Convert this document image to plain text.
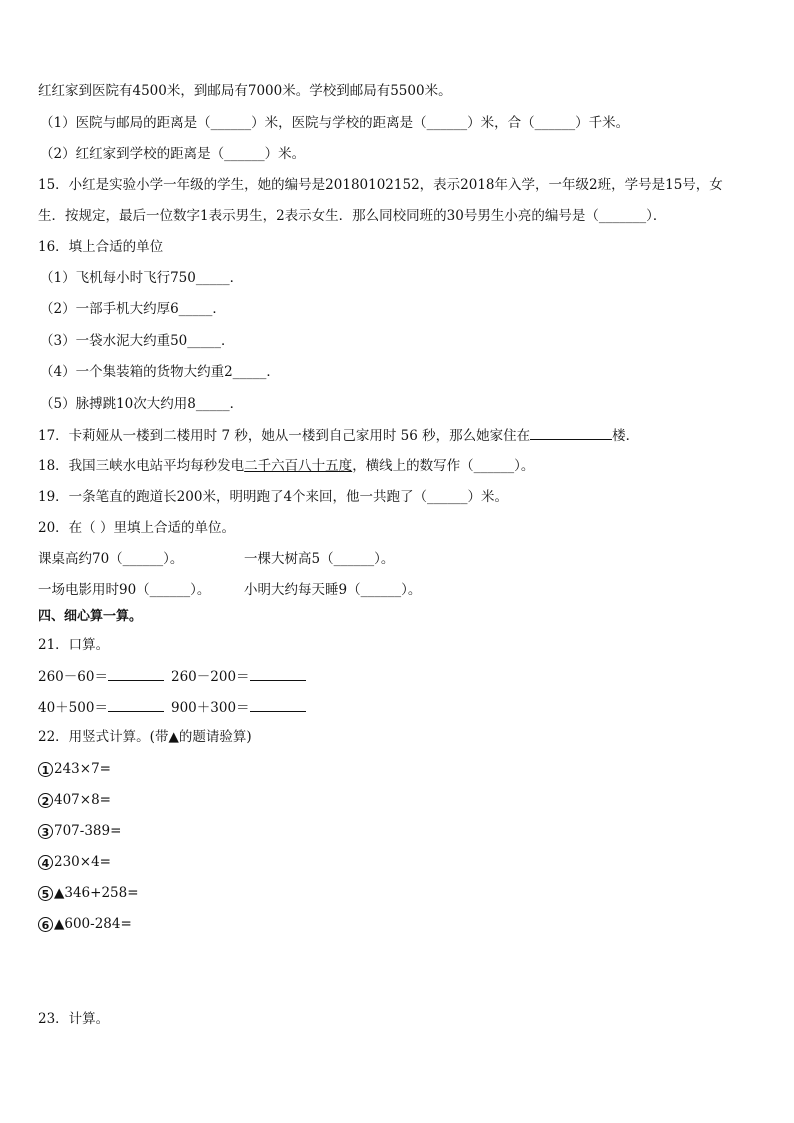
红红家到医院有4500米，到邮局有7000米。学校到邮局有5500米。
（1）医院与邮局的距离是（______）米，医院与学校的距离是（______）米，合（______）千米。
（2）红红家到学校的距离是（______）米。
15．小红是实验小学一年级的学生，她的编号是20180102152，表示2018年入学，一年级2班，学号是15号，女
生．按规定，最后一位数字1表示男生，2表示女生．那么同校同班的30号男生小亮的编号是（_______）．
16．填上合适的单位
（1）飞机每小时飞行750_____．
（2）一部手机大约厚6_____．
（3）一袋水泥大约重50_____．
（4）一个集装箱的货物大约重2_____．
（5）脉搏跳10次大约用8_____．
17．卡莉娅从一楼到二楼用时 7 秒，她从一楼到自己家用时 56 秒，那么她家住在	楼．
18．我国三峡水电站平均每秒发电二千六百八十五度，横线上的数写作（______）。
19．一条笔直的跑道长200米，明明跑了4个来回，他一共跑了（______）米。
20．在（ ）里填上合适的单位。
课桌高约70（______）。	一棵大树高5（______）。
一场电影用时90（______）。 小明大约每天睡9（______）。
四、细心算一算。
21．口算。
260－60＝	260－200＝
40＋500＝	900＋300＝
22．用竖式计算。(带▲的题请验算)
1 243×7=
2 407×8=
3 707-389=
4 230×4=
5 ▲346+258=
6 ▲600-284=
23．计算。
